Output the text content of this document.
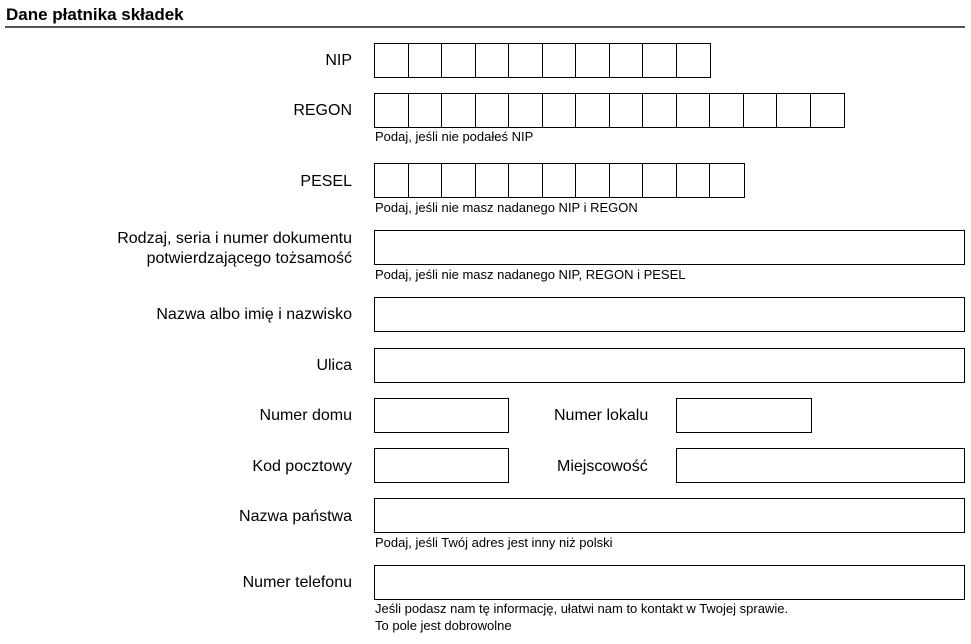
Dane płatnika składek
NIP
REGON
Podaj, jeśli nie podałeś NIP
PESEL
Podaj, jeśli nie masz nadanego NIP i REGON
Rodzaj, seria i numer dokumentu
potwierdzającego tożsamość
Podaj, jeśli nie masz nadanego NIP, REGON i PESEL
Nazwa albo imię i nazwisko
Ulica
Numer domu	Numer lokalu
Kod pocztowy	Miejscowość
Nazwa państwa
Podaj, jeśli Twój adres jest inny niż polski
Numer telefonu
Jeśli podasz nam tę informację, ułatwi nam to kontakt w Twojej sprawie.
To pole jest dobrowolne
